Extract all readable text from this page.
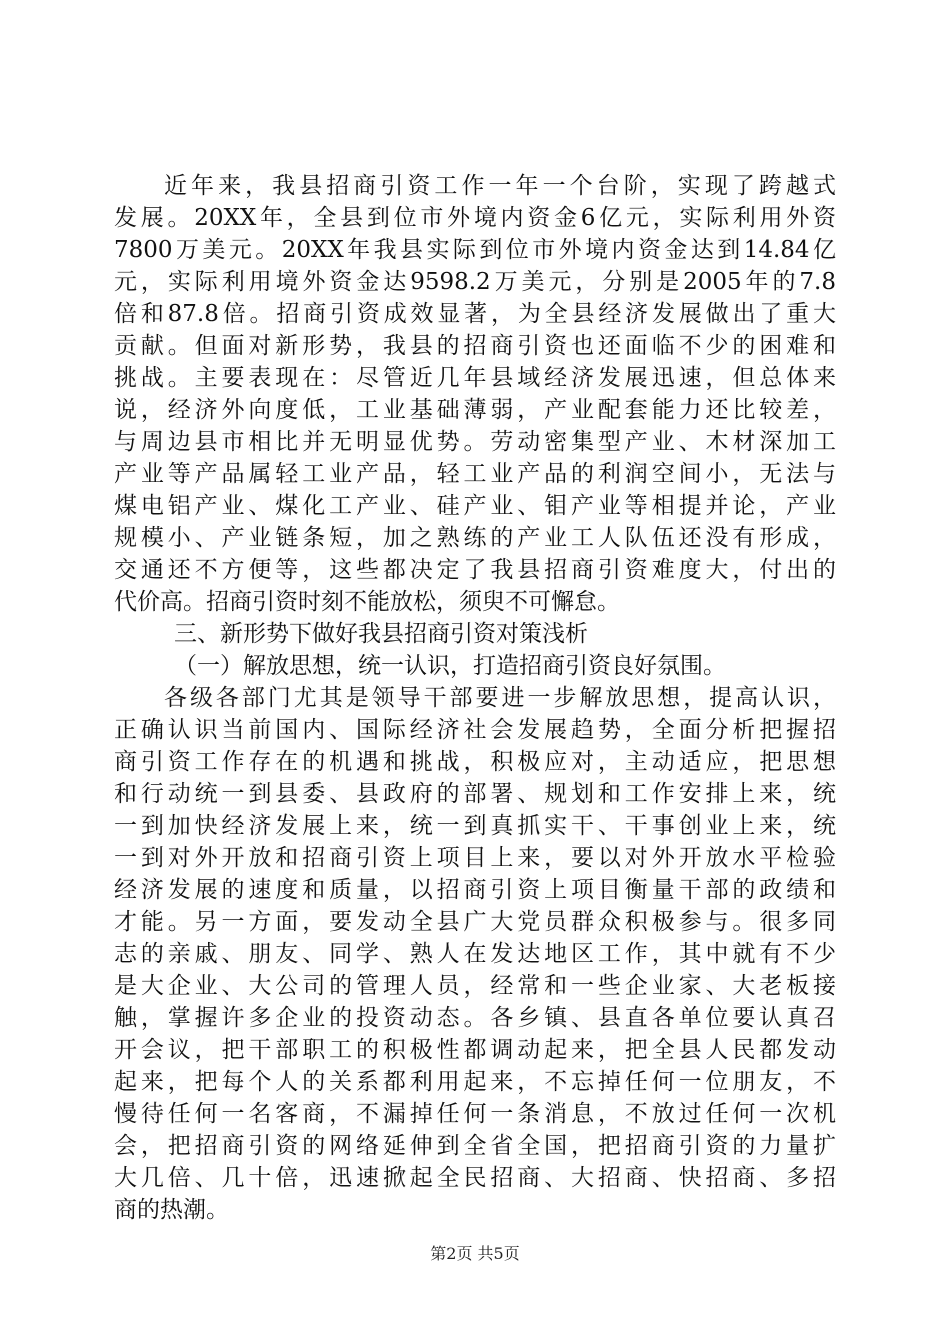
近年来，我县招商引资工作一年一个台阶，实现了跨越式
发展。20XX年，全县到位市外境内资金6亿元，实际利用外资
7800万美元。20XX年我县实际到位市外境内资金达到14.84亿
元，实际利用境外资金达9598.2万美元，分别是2005年的7.8
倍和87.8倍。招商引资成效显著，为全县经济发展做出了重大
贡献。但面对新形势，我县的招商引资也还面临不少的困难和
挑战。主要表现在：尽管近几年县域经济发展迅速，但总体来
说，经济外向度低，工业基础薄弱，产业配套能力还比较差，
与周边县市相比并无明显优势。劳动密集型产业、木材深加工
产业等产品属轻工业产品，轻工业产品的利润空间小，无法与
煤电铝产业、煤化工产业、硅产业、钼产业等相提并论，产业
规模小、产业链条短，加之熟练的产业工人队伍还没有形成，
交通还不方便等，这些都决定了我县招商引资难度大，付出的
代价高。招商引资时刻不能放松，须臾不可懈怠。
三、新形势下做好我县招商引资对策浅析
（一）解放思想，统一认识，打造招商引资良好氛围。
各级各部门尤其是领导干部要进一步解放思想，提高认识，
正确认识当前国内、国际经济社会发展趋势，全面分析把握招
商引资工作存在的机遇和挑战，积极应对，主动适应，把思想
和行动统一到县委、县政府的部署、规划和工作安排上来，统
一到加快经济发展上来，统一到真抓实干、干事创业上来，统
一到对外开放和招商引资上项目上来，要以对外开放水平检验
经济发展的速度和质量，以招商引资上项目衡量干部的政绩和
才能。另一方面，要发动全县广大党员群众积极参与。很多同
志的亲戚、朋友、同学、熟人在发达地区工作，其中就有不少
是大企业、大公司的管理人员，经常和一些企业家、大老板接
触，掌握许多企业的投资动态。各乡镇、县直各单位要认真召
开会议，把干部职工的积极性都调动起来，把全县人民都发动
起来，把每个人的关系都利用起来，不忘掉任何一位朋友，不
慢待任何一名客商，不漏掉任何一条消息，不放过任何一次机
会，把招商引资的网络延伸到全省全国，把招商引资的力量扩
大几倍、几十倍，迅速掀起全民招商、大招商、快招商、多招
商的热潮。
第2页 共5页
